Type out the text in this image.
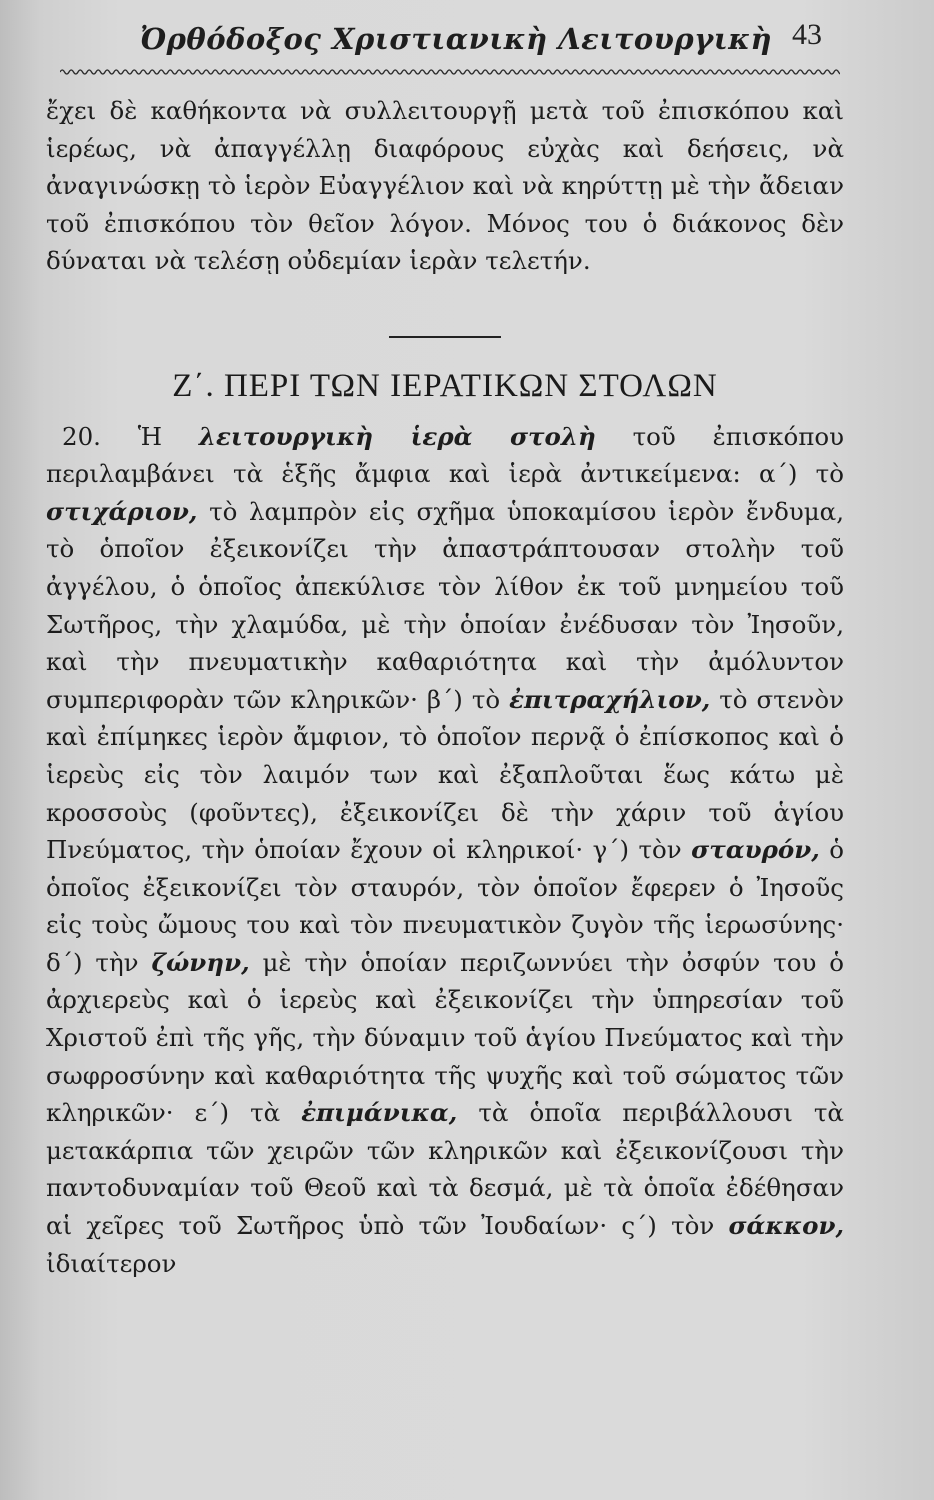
Ὀρθόδοξος Χριστιανικὴ Λειτουργικὴ 43

ἔχει δὲ καθήκοντα νὰ συλλειτουργῇ μετὰ τοῦ ἐπισκόπου καὶ ἱερέως, νὰ ἀπαγγέλλῃ διαφόρους εὐχὰς καὶ δεήσεις, νὰ ἀναγινώσκῃ τὸ ἱερὸν Εὐαγγέλιον καὶ νὰ κηρύττῃ μὲ τὴν ἄδειαν τοῦ ἐπισκόπου τὸν θεῖον λόγον. Μόνος του ὁ διάκονος δὲν δύναται νὰ τελέσῃ οὐδεμίαν ἱερὰν τελετήν.

Ζ΄. ΠΕΡΙ ΤΩΝ ΙΕΡΑΤΙΚΩΝ ΣΤΟΛΩΝ

20. Ἡ λειτουργικὴ ἱερὰ στολὴ τοῦ ἐπισκόπου περιλαμβάνει τὰ ἑξῆς ἄμφια καὶ ἱερὰ ἀντικείμενα: α΄) τὸ στιχάριον, τὸ λαμπρὸν εἰς σχῆμα ὑποκαμίσου ἱερὸν ἔνδυμα, τὸ ὁποῖον ἐξεικονίζει τὴν ἀπαστράπτουσαν στολὴν τοῦ ἀγγέλου, ὁ ὁποῖος ἀπεκύλισε τὸν λίθον ἐκ τοῦ μνημείου τοῦ Σωτῆρος, τὴν χλαμύδα, μὲ τὴν ὁποίαν ἐνέδυσαν τὸν Ἰησοῦν, καὶ τὴν πνευματικὴν καθαριότητα καὶ τὴν ἀμόλυντον συμπεριφορὰν τῶν κληρικῶν· β΄) τὸ ἐπιτραχήλιον, τὸ στενὸν καὶ ἐπίμηκες ἱερὸν ἄμφιον, τὸ ὁποῖον περνᾷ ὁ ἐπίσκοπος καὶ ὁ ἱερεὺς εἰς τὸν λαιμόν των καὶ ἐξαπλοῦται ἕως κάτω μὲ κροσσοὺς (φοῦντες), ἐξεικονίζει δὲ τὴν χάριν τοῦ ἁγίου Πνεύματος, τὴν ὁποίαν ἔχουν οἱ κληρικοί· γ΄) τὸν σταυρόν, ὁ ὁποῖος ἐξεικονίζει τὸν σταυρόν, τὸν ὁποῖον ἔφερεν ὁ Ἰησοῦς εἰς τοὺς ὤμους του καὶ τὸν πνευματικὸν ζυγὸν τῆς ἱερωσύνης· δ΄) τὴν ζώνην, μὲ τὴν ὁποίαν περιζωννύει τὴν ὀσφύν του ὁ ἀρχιερεὺς καὶ ὁ ἱερεὺς καὶ ἐξεικονίζει τὴν ὑπηρεσίαν τοῦ Χριστοῦ ἐπὶ τῆς γῆς, τὴν δύναμιν τοῦ ἁγίου Πνεύματος καὶ τὴν σωφροσύνην καὶ καθαριότητα τῆς ψυχῆς καὶ τοῦ σώματος τῶν κληρικῶν· ε΄) τὰ ἐπιμάνικα, τὰ ὁποῖα περιβάλλουσι τὰ μετακάρπια τῶν χειρῶν τῶν κληρικῶν καὶ ἐξεικονίζουσι τὴν παντοδυναμίαν τοῦ Θεοῦ καὶ τὰ δεσμά, μὲ τὰ ὁποῖα ἐδέθησαν αἱ χεῖρες τοῦ Σωτῆρος ὑπὸ τῶν Ἰουδαίων· ς΄) τὸν σάκκον, ἰδιαίτερον
